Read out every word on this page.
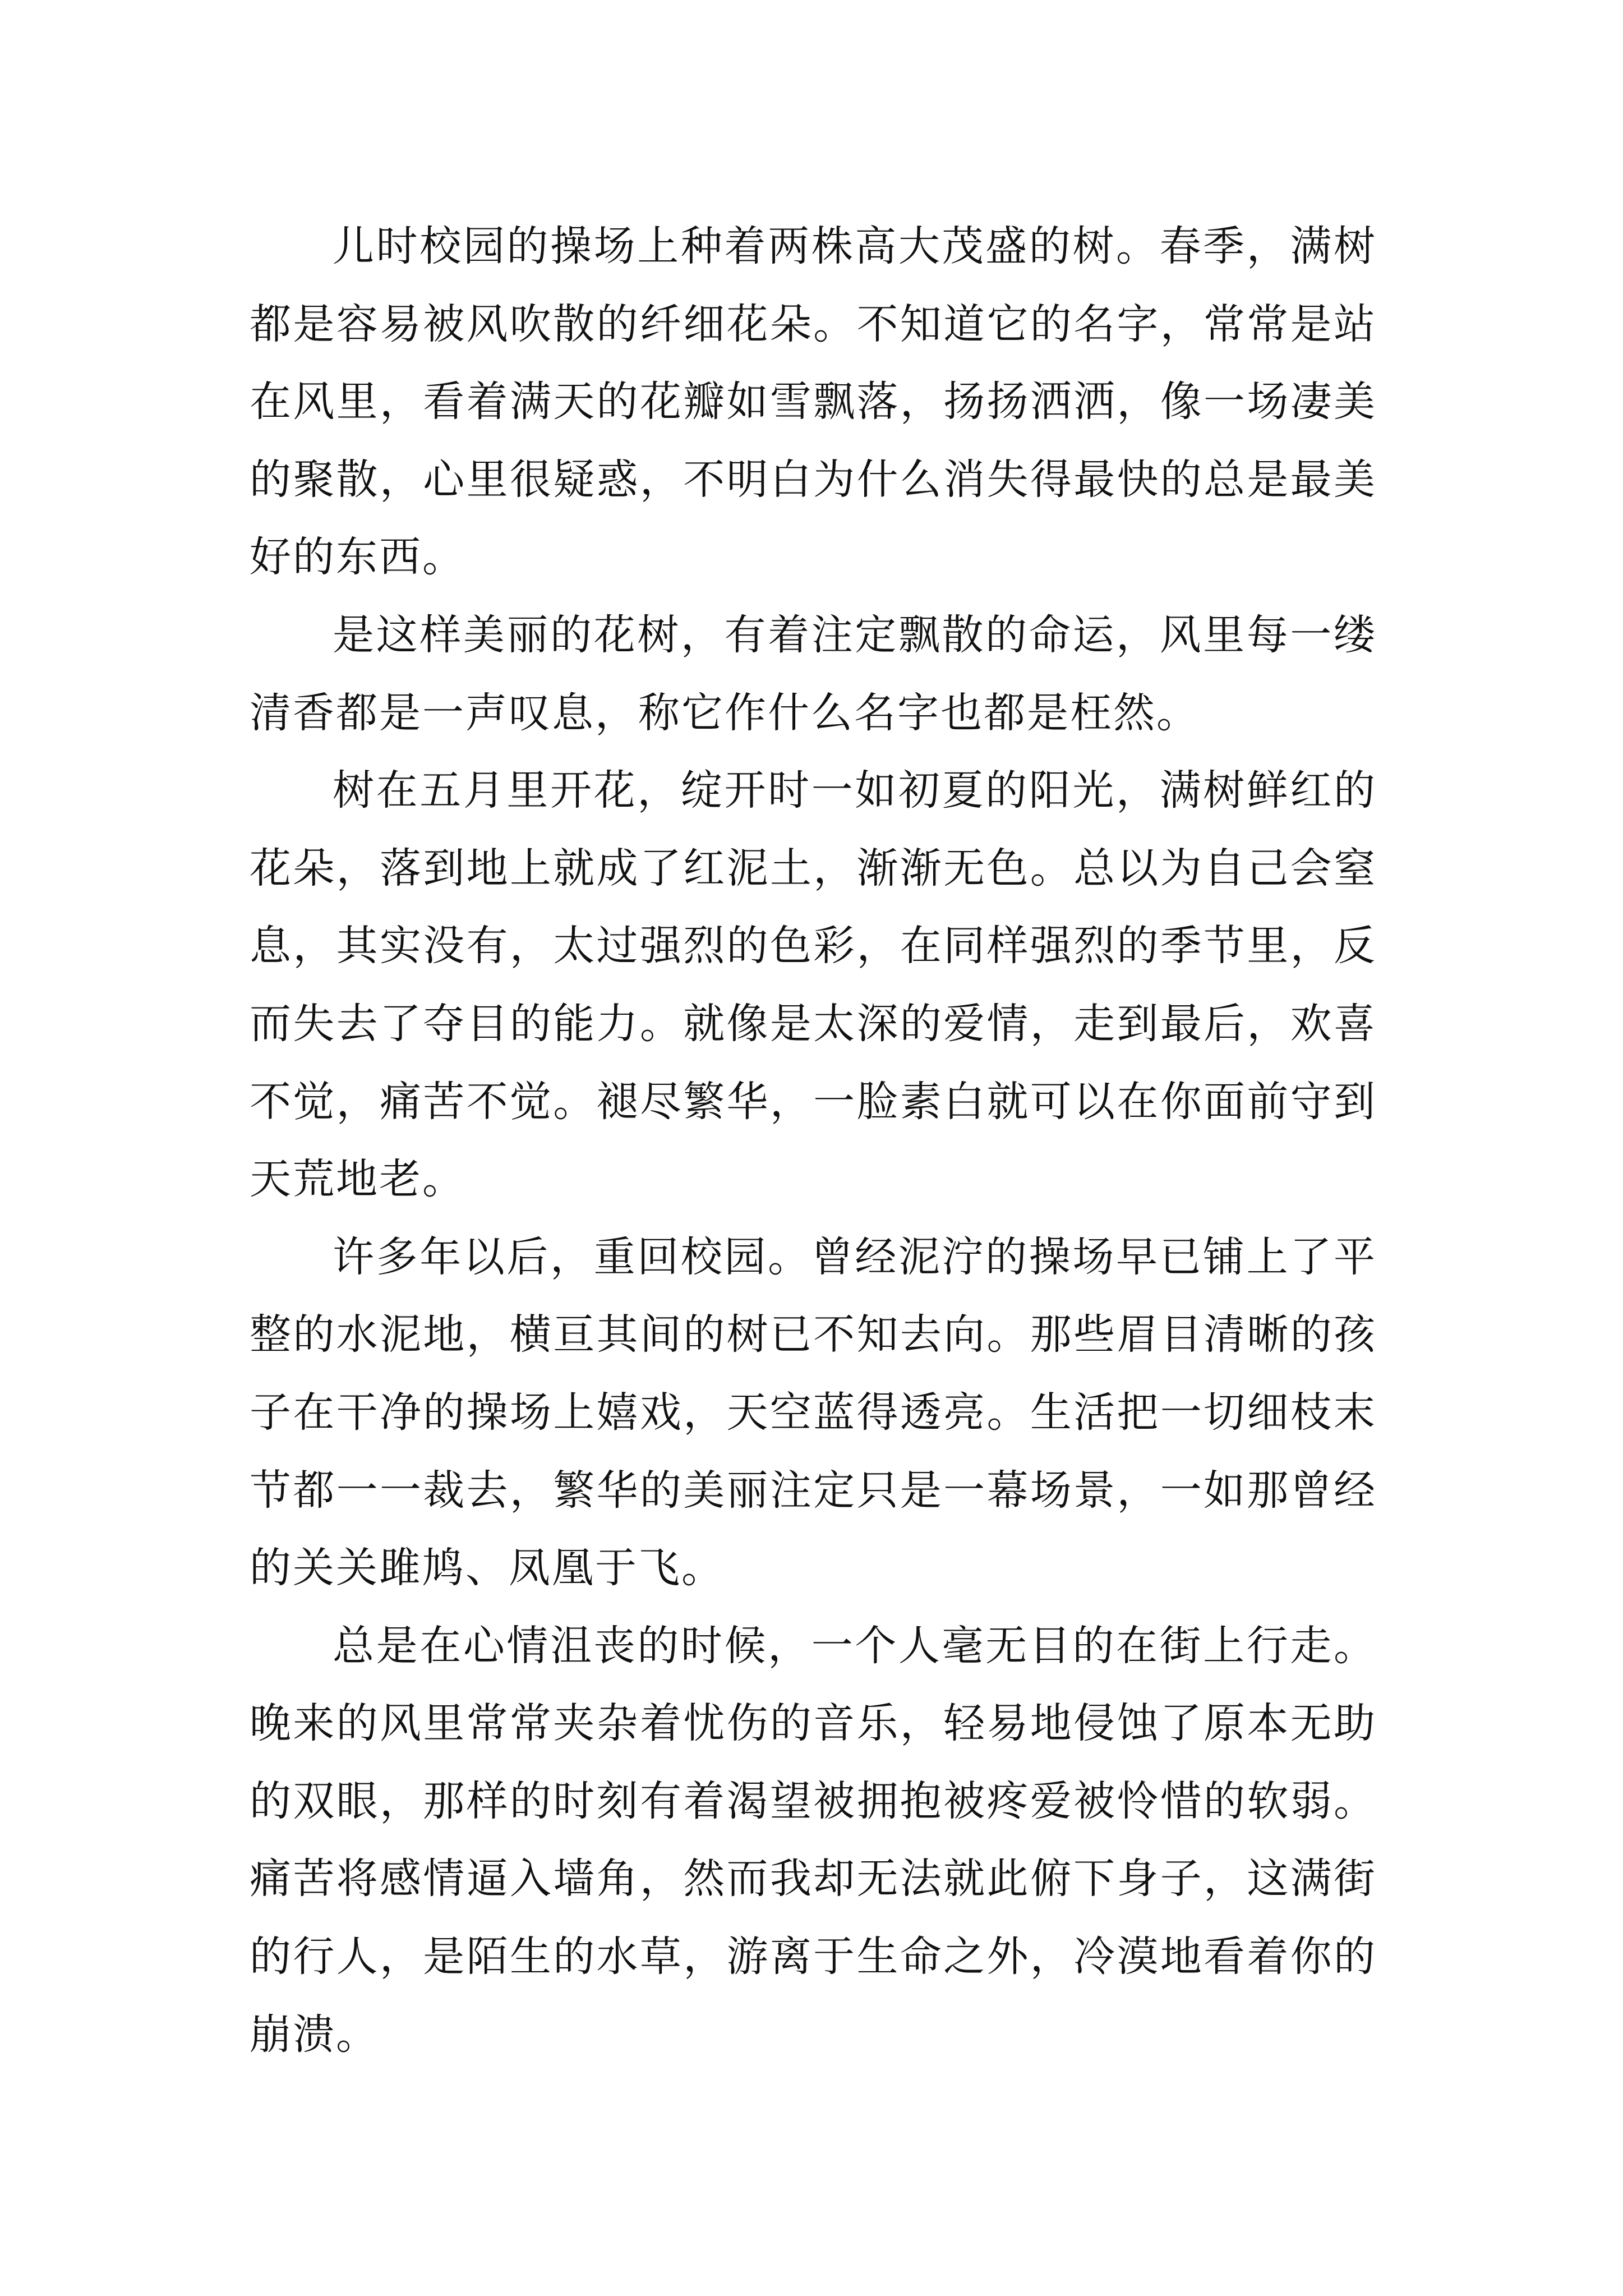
儿时校园的操场上种着两株高大茂盛的树。春季，满树都是容易被风吹散的纤细花朵。不知道它的名字，常常是站在风里，看着满天的花瓣如雪飘落，扬扬洒洒，像一场凄美的聚散，心里很疑惑，不明白为什么消失得最快的总是最美好的东西。

是这样美丽的花树，有着注定飘散的命运，风里每一缕清香都是一声叹息，称它作什么名字也都是枉然。

树在五月里开花，绽开时一如初夏的阳光，满树鲜红的花朵，落到地上就成了红泥土，渐渐无色。总以为自己会窒息，其实没有，太过强烈的色彩，在同样强烈的季节里，反而失去了夺目的能力。就像是太深的爱情，走到最后，欢喜不觉，痛苦不觉。褪尽繁华，一脸素白就可以在你面前守到天荒地老。

许多年以后，重回校园。曾经泥泞的操场早已铺上了平整的水泥地，横亘其间的树已不知去向。那些眉目清晰的孩子在干净的操场上嬉戏，天空蓝得透亮。生活把一切细枝末节都一一裁去，繁华的美丽注定只是一幕场景，一如那曾经的关关雎鸠、凤凰于飞。

总是在心情沮丧的时候，一个人毫无目的在街上行走。晚来的风里常常夹杂着忧伤的音乐，轻易地侵蚀了原本无助的双眼，那样的时刻有着渴望被拥抱被疼爱被怜惜的软弱。痛苦将感情逼入墙角，然而我却无法就此俯下身子，这满街的行人，是陌生的水草，游离于生命之外，冷漠地看着你的崩溃。
